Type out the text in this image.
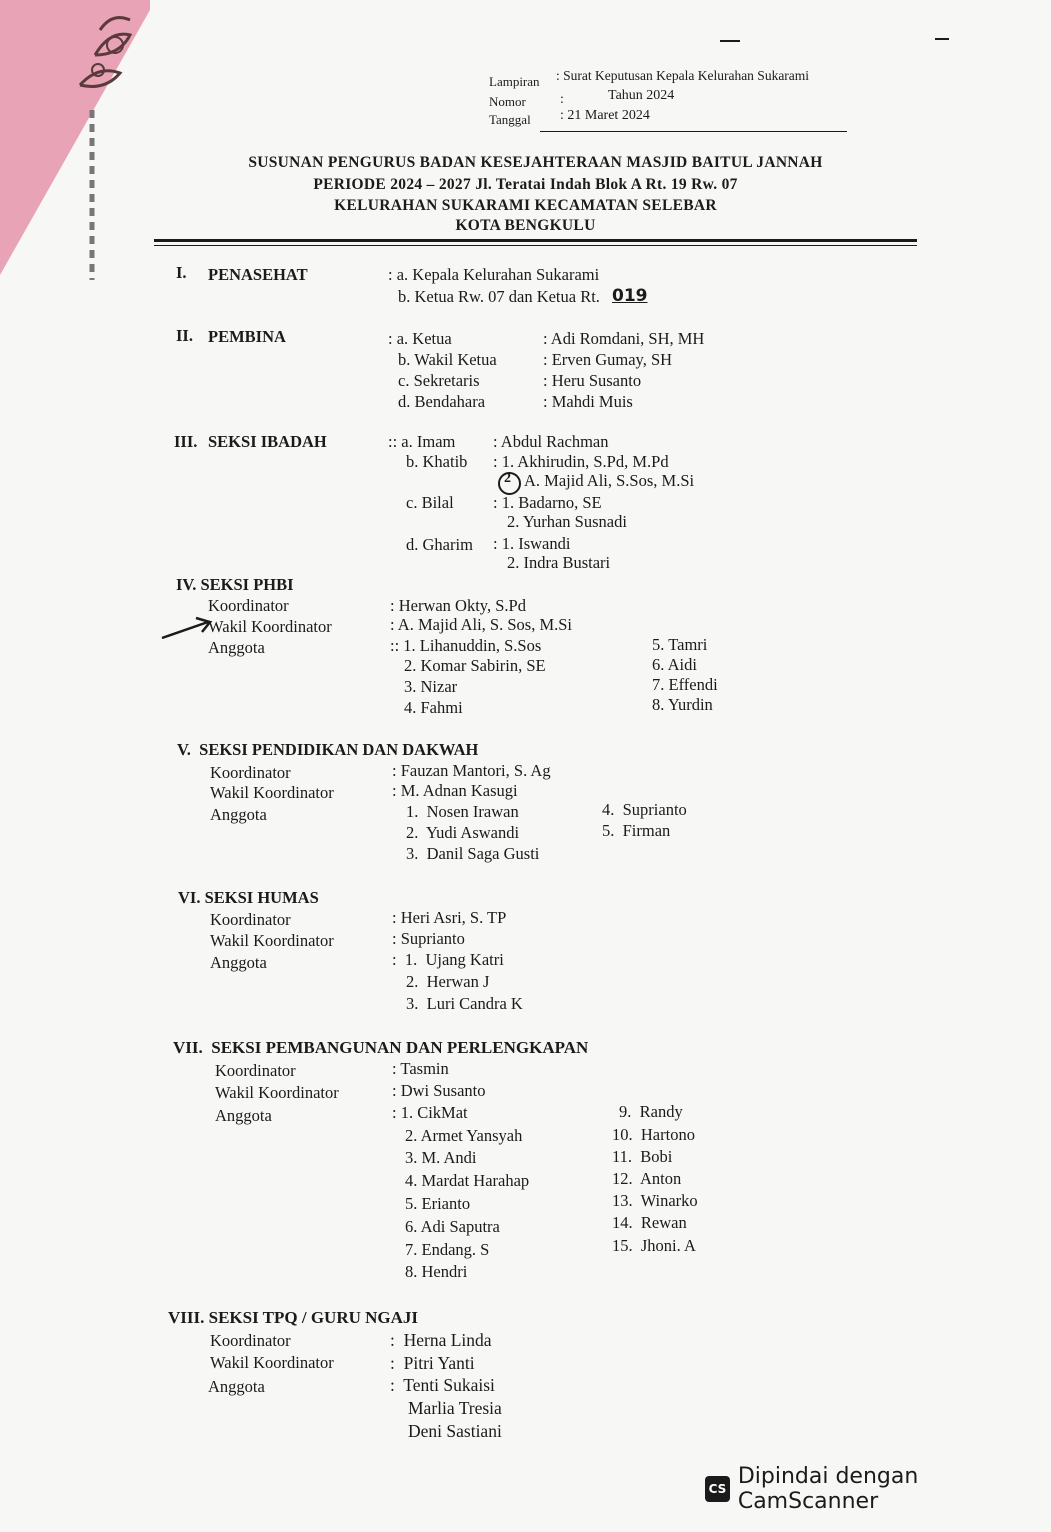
Lampiran : Surat Keputusan Kepala Kelurahan Sukarami
Nomor :	Tahun 2024
Tanggal : 21 Maret 2024
SUSUNAN PENGURUS BADAN KESEJAHTERAAN MASJID BAITUL JANNAH
PERIODE 2024 – 2027 Jl. Teratai Indah Blok A Rt. 19 Rw. 07
KELURAHAN SUKARAMI KECAMATAN SELEBAR
KOTA BENGKULU
I. PENASEHAT	: a. Kepala Kelurahan Sukarami
b. Ketua Rw. 07 dan Ketua Rt. 019
II. PEMBINA	: a. Ketua	: Adi Romdani, SH, MH
b. Wakil Ketua	: Erven Gumay, SH
c. Sekretaris	: Heru Susanto
d. Bendahara	: Mahdi Muis
III. SEKSI IBADAH	:: a. Imam : Abdul Rachman
b. Khatib : 1. Akhirudin, S.Pd, M.Pd
2 A. Majid Ali, S.Sos, M.Si
c. Bilal : 1. Badarno, SE
2. Yurhan Susnadi
d. Gharim : 1. Iswandi
2. Indra Bustari
IV. SEKSI PHBI
Koordinator	: Herwan Okty, S.Pd
Wakil Koordinator	: A. Majid Ali, S. Sos, M.Si
Anggota	:: 1. Lihanuddin, S.Sos
2. Komar Sabirin, SE
3. Nizar
4. Fahmi
5. Tamri
6. Aidi
7. Effendi
8. Yurdin
V.  SEKSI PENDIDIKAN DAN DAKWAH
Koordinator	: Fauzan Mantori, S. Ag
Wakil Koordinator	: M. Adnan Kasugi
Anggota	1.  Nosen Irawan
2.  Yudi Aswandi
3.  Danil Saga Gusti
4.  Suprianto
5.  Firman
VI. SEKSI HUMAS
Koordinator	: Heri Asri, S. TP
Wakil Koordinator	: Suprianto
Anggota	:  1.  Ujang Katri
2.  Herwan J
3.  Luri Candra K
VII.  SEKSI PEMBANGUNAN DAN PERLENGKAPAN
Koordinator	: Tasmin
Wakil Koordinator	: Dwi Susanto
Anggota	: 1. CikMat
2. Armet Yansyah
3. M. Andi
4. Mardat Harahap
5. Erianto
6. Adi Saputra
7. Endang. S
8. Hendri
9.  Randy
10.  Hartono
11.  Bobi
12.  Anton
13.  Winarko
14.  Rewan
15.  Jhoni. A
VIII. SEKSI TPQ / GURU NGAJI
Koordinator	:  Herna Linda
Wakil Koordinator	:  Pitri Yanti
Anggota	:  Tenti Sukaisi
Marlia Tresia
Deni Sastiani
CS Dipindai dengan CamScanner
